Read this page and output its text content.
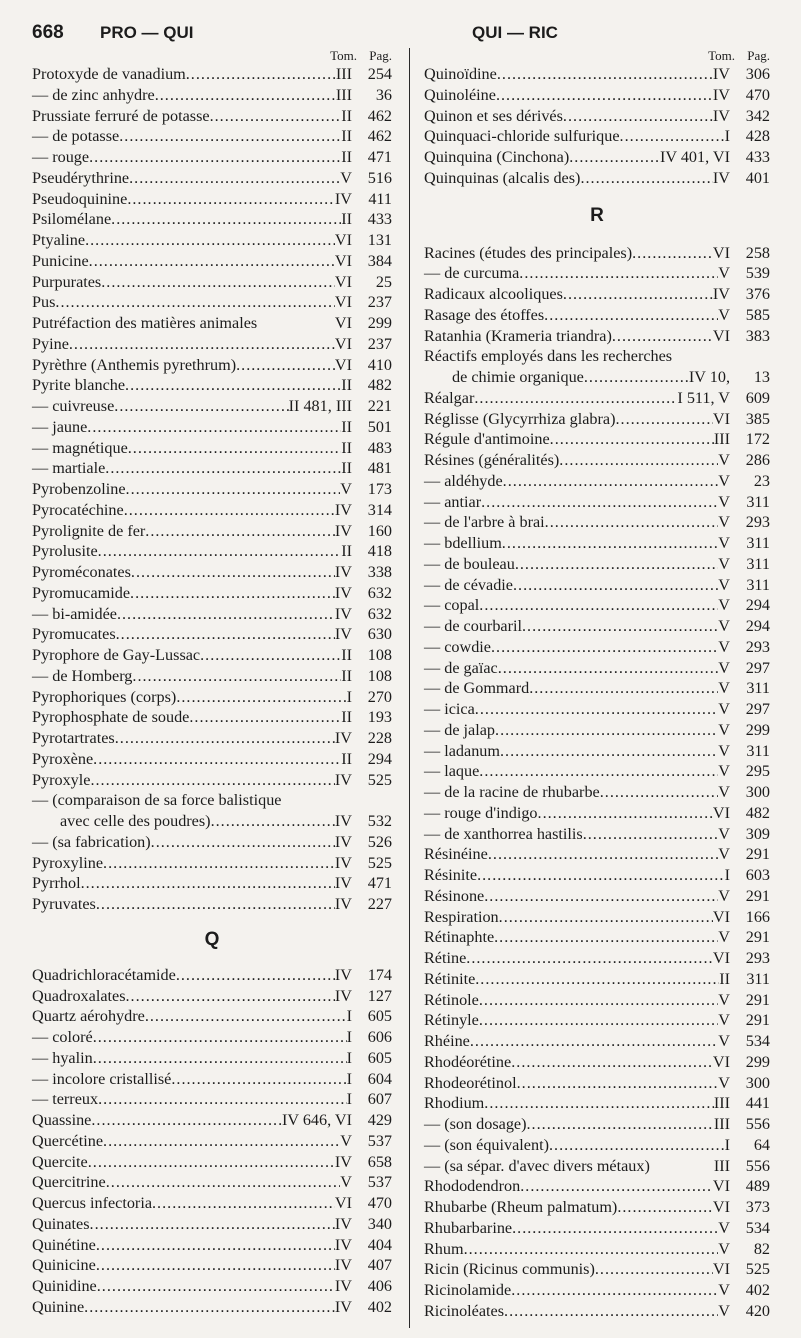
668 PRO — QUI	QUI — RIC
Tom. Pag.
Protoxyde de vanadium .....	III 254
— de zinc anhydre .....	III	36
Prussiate ferruré de potasse .....	II 462
— de potasse .....	II 462
— rouge .....	II 471
Pseudérythrine .....	V 516
Pseudoquinine .....	IV	411
Psilomélane .....	II 433
Ptyaline .....	VI 131
Punicine .....	VI 384
Purpurates .....	VI	25
Pus .....	VI 237
Putréfaction des matières animales	VI 299
Pyine .....	VI 237
Pyrèthre (Anthemis pyrethrum) .....	VI 410
Pyrite blanche .....	II 482
— cuivreuse .....	II 481, III 221
— jaune .....	II 501
— magnétique .....	II 483
— martiale .....	II 481
Pyrobenzoline .....	V 173
Pyrocatéchine .....	IV 314
Pyrolignite de fer .....	IV 160
Pyrolusite .....	II 418
Pyroméconates .....	IV 338
Pyromucamide .....	IV 632
— bi-amidée .....	IV 632
Pyromucates .....	IV 630
Pyrophore de Gay-Lussac .....	II 108
— de Homberg .....	II 108
Pyrophoriques (corps) .....	I 270
Pyrophosphate de soude .....	II 193
Pyrotartrates .....	IV 228
Pyroxène .....	II 294
Pyroxyle .....	IV 525
— (comparaison de sa force balistique
avec celle des poudres) .....	IV 532
— (sa fabrication) .....	IV 526
Pyroxyline .....	IV 525
Pyrrhol .....	IV 471
Pyruvates .....	IV 227
Q
Quadrichloracétamide .....	IV 174
Quadroxalates .....	IV 127
Quartz aérohydre .....	I 605
— coloré .....	I 606
— hyalin .....	I 605
— incolore cristallisé .....	I 604
— terreux .....	I 607
Quassine .....	IV 646, VI 429
Quercétine .....	V 537
Quercite .....	IV 658
Quercitrine .....	V 537
Quercus infectoria .....	VI 470
Quinates .....	IV 340
Quinétine .....	IV 404
Quinicine .....	IV 407
Quinidine .....	IV 406
Quinine .....	IV 402
Tom. Pag.
Quinoïdine .....	IV 306
Quinoléine .....	IV 470
Quinon et ses dérivés .....	IV 342
Quinquaci-chloride sulfurique .....	I 428
Quinquina (Cinchona) .....	IV 401, VI 433
Quinquinas (alcalis des) .....	IV 401
R
Racines (études des principales) .....	VI 258
— de curcuma .....	V 539
Radicaux alcooliques .....	IV 376
Rasage des étoffes .....	V 585
Ratanhia (Krameria triandra) .....	VI 383
Réactifs employés dans les recherches
de chimie organique .....	IV 10,	13
Réalgar .....	I 511, V 609
Réglisse (Glycyrrhiza glabra) .....	VI 385
Régule d'antimoine .....	III 172
Résines (généralités) .....	V 286
— aldéhyde .....	V	23
— antiar .....	V	311
— de l'arbre à brai .....	V 293
— bdellium .....	V	311
— de bouleau .....	V	311
— de cévadie .....	V	311
— copal .....	V 294
— de courbaril .....	V 294
— cowdie .....	V 293
— de gaïac .....	V 297
— de Gommard .....	V	311
— icica .....	V 297
— de jalap .....	V 299
— ladanum .....	V	311
— laque .....	V 295
— de la racine de rhubarbe .....	V 300
— rouge d'indigo .....	VI 482
— de xanthorrea hastilis .....	V 309
Résinéine .....	V 291
Résinite .....	I 603
Résinone .....	V 291
Respiration .....	VI 166
Rétinaphte .....	V 291
Rétine .....	VI 293
Rétinite .....	II	311
Rétinole .....	V 291
Rétinyle .....	V 291
Rhéine .....	V 534
Rhodéorétine .....	VI 299
Rhodeorétinol .....	V 300
Rhodium .....	III 441
— (son dosage) .....	III 556
— (son équivalent) .....	I	64
— (sa sépar. d'avec divers métaux)	III 556
Rhododendron .....	VI 489
Rhubarbe (Rheum palmatum) .....	VI 373
Rhubarbarine .....	V 534
Rhum .....	V	82
Ricin (Ricinus communis) .....	VI 525
Ricinolamide .....	V 402
Ricinoléates .....	V 420
